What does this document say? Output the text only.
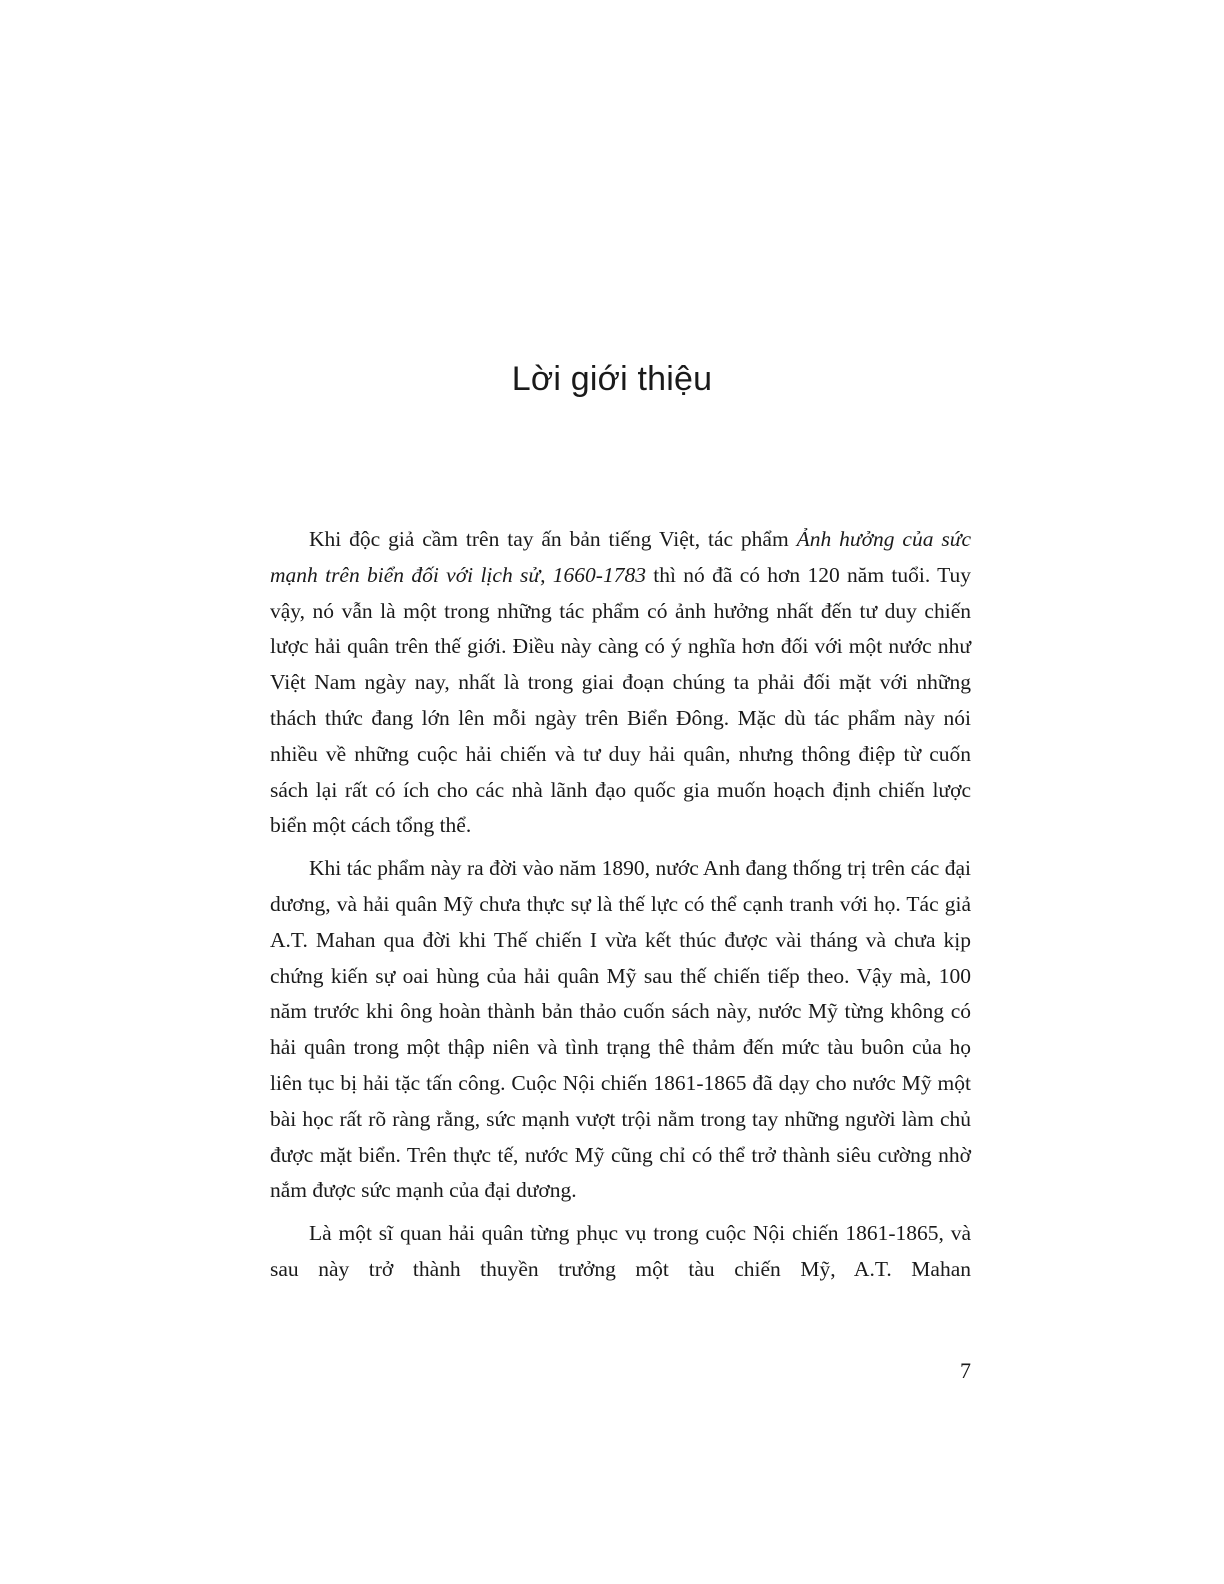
Lời giới thiệu

Khi độc giả cầm trên tay ấn bản tiếng Việt, tác phẩm Ảnh hưởng của sức mạnh trên biển đối với lịch sử, 1660-1783 thì nó đã có hơn 120 năm tuổi. Tuy vậy, nó vẫn là một trong những tác phẩm có ảnh hưởng nhất đến tư duy chiến lược hải quân trên thế giới. Điều này càng có ý nghĩa hơn đối với một nước như Việt Nam ngày nay, nhất là trong giai đoạn chúng ta phải đối mặt với những thách thức đang lớn lên mỗi ngày trên Biển Đông. Mặc dù tác phẩm này nói nhiều về những cuộc hải chiến và tư duy hải quân, nhưng thông điệp từ cuốn sách lại rất có ích cho các nhà lãnh đạo quốc gia muốn hoạch định chiến lược biển một cách tổng thể.

Khi tác phẩm này ra đời vào năm 1890, nước Anh đang thống trị trên các đại dương, và hải quân Mỹ chưa thực sự là thế lực có thể cạnh tranh với họ. Tác giả A.T. Mahan qua đời khi Thế chiến I vừa kết thúc được vài tháng và chưa kịp chứng kiến sự oai hùng của hải quân Mỹ sau thế chiến tiếp theo. Vậy mà, 100 năm trước khi ông hoàn thành bản thảo cuốn sách này, nước Mỹ từng không có hải quân trong một thập niên và tình trạng thê thảm đến mức tàu buôn của họ liên tục bị hải tặc tấn công. Cuộc Nội chiến 1861-1865 đã dạy cho nước Mỹ một bài học rất rõ ràng rằng, sức mạnh vượt trội nằm trong tay những người làm chủ được mặt biển. Trên thực tế, nước Mỹ cũng chỉ có thể trở thành siêu cường nhờ nắm được sức mạnh của đại dương.

Là một sĩ quan hải quân từng phục vụ trong cuộc Nội chiến 1861-1865, và sau này trở thành thuyền trưởng một tàu chiến Mỹ, A.T. Mahan

7
